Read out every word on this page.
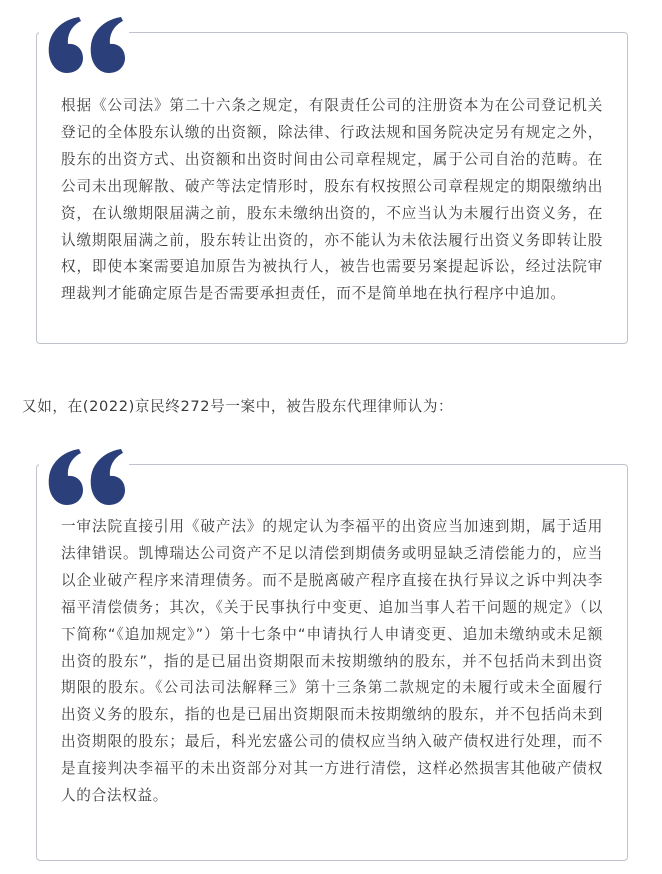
根据《公司法》第二十六条之规定，有限责任公司的注册资本为在公司登记机关登记的全体股东认缴的出资额，除法律、行政法规和国务院决定另有规定之外，股东的出资方式、出资额和出资时间由公司章程规定，属于公司自治的范畴。在公司未出现解散、破产等法定情形时，股东有权按照公司章程规定的期限缴纳出资，在认缴期限届满之前，股东未缴纳出资的，不应当认为未履行出资义务，在认缴期限届满之前，股东转让出资的，亦不能认为未依法履行出资义务即转让股权，即使本案需要追加原告为被执行人，被告也需要另案提起诉讼，经过法院审理裁判才能确定原告是否需要承担责任，而不是简单地在执行程序中追加。

又如，在(2022)京民终272号一案中，被告股东代理律师认为：

一审法院直接引用《破产法》的规定认为李福平的出资应当加速到期，属于适用法律错误。凯博瑞达公司资产不足以清偿到期债务或明显缺乏清偿能力的，应当以企业破产程序来清理债务。而不是脱离破产程序直接在执行异议之诉中判决李福平清偿债务；其次，《关于民事执行中变更、追加当事人若干问题的规定》（以下简称“《追加规定》”）第十七条中“申请执行人申请变更、追加未缴纳或未足额出资的股东”，指的是已届出资期限而未按期缴纳的股东，并不包括尚未到出资期限的股东。《公司法司法解释三》第十三条第二款规定的未履行或未全面履行出资义务的股东，指的也是已届出资期限而未按期缴纳的股东，并不包括尚未到出资期限的股东；最后，科光宏盛公司的债权应当纳入破产债权进行处理，而不是直接判决李福平的未出资部分对其一方进行清偿，这样必然损害其他破产债权人的合法权益。
